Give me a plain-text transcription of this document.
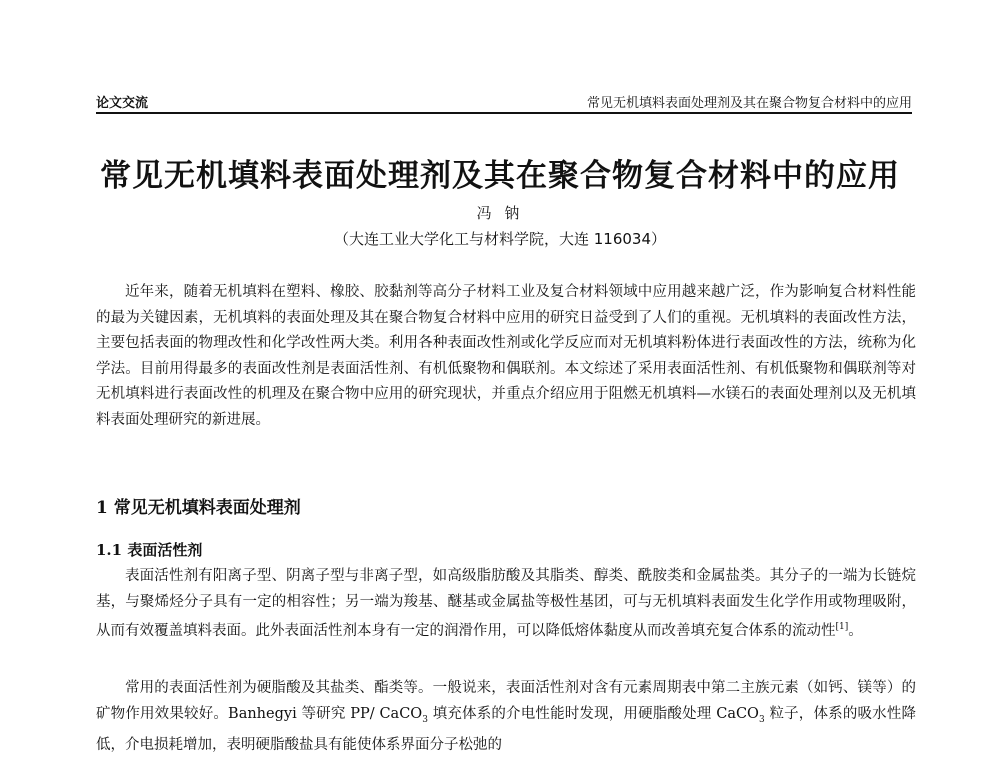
论文交流	常见无机填料表面处理剂及其在聚合物复合材料中的应用
常见无机填料表面处理剂及其在聚合物复合材料中的应用
冯 钠
（大连工业大学化工与材料学院，大连 116034）

近年来，随着无机填料在塑料、橡胶、胶黏剂等高分子材料工业及复合材料领域中应用越来越广泛，作为影响复合材料性能的最为关键因素，无机填料的表面处理及其在聚合物复合材料中应用的研究日益受到了人们的重视。无机填料的表面改性方法，主要包括表面的物理改性和化学改性两大类。利用各种表面改性剂或化学反应而对无机填料粉体进行表面改性的方法，统称为化学法。目前用得最多的表面改性剂是表面活性剂、有机低聚物和偶联剂。本文综述了采用表面活性剂、有机低聚物和偶联剂等对无机填料进行表面改性的机理及在聚合物中应用的研究现状，并重点介绍应用于阻燃无机填料—水镁石的表面处理剂以及无机填料表面处理研究的新进展。

1 常见无机填料表面处理剂
1.1 表面活性剂

表面活性剂有阳离子型、阴离子型与非离子型，如高级脂肪酸及其脂类、醇类、酰胺类和金属盐类。其分子的一端为长链烷基，与聚烯烃分子具有一定的相容性；另一端为羧基、醚基或金属盐等极性基团，可与无机填料表面发生化学作用或物理吸附，从而有效覆盖填料表面。此外表面活性剂本身有一定的润滑作用，可以降低熔体黏度从而改善填充复合体系的流动性[1]。

常用的表面活性剂为硬脂酸及其盐类、酯类等。一般说来，表面活性剂对含有元素周期表中第二主族元素（如钙、镁等）的矿物作用效果较好。Banhegyi 等研究 PP/ CaCO$_3$ 填充体系的介电性能时发现，用硬脂酸处理 CaCO$_3$ 粒子，体系的吸水性降低，介电损耗增加，表明硬脂酸盐具有能使体系界面分子松弛的
